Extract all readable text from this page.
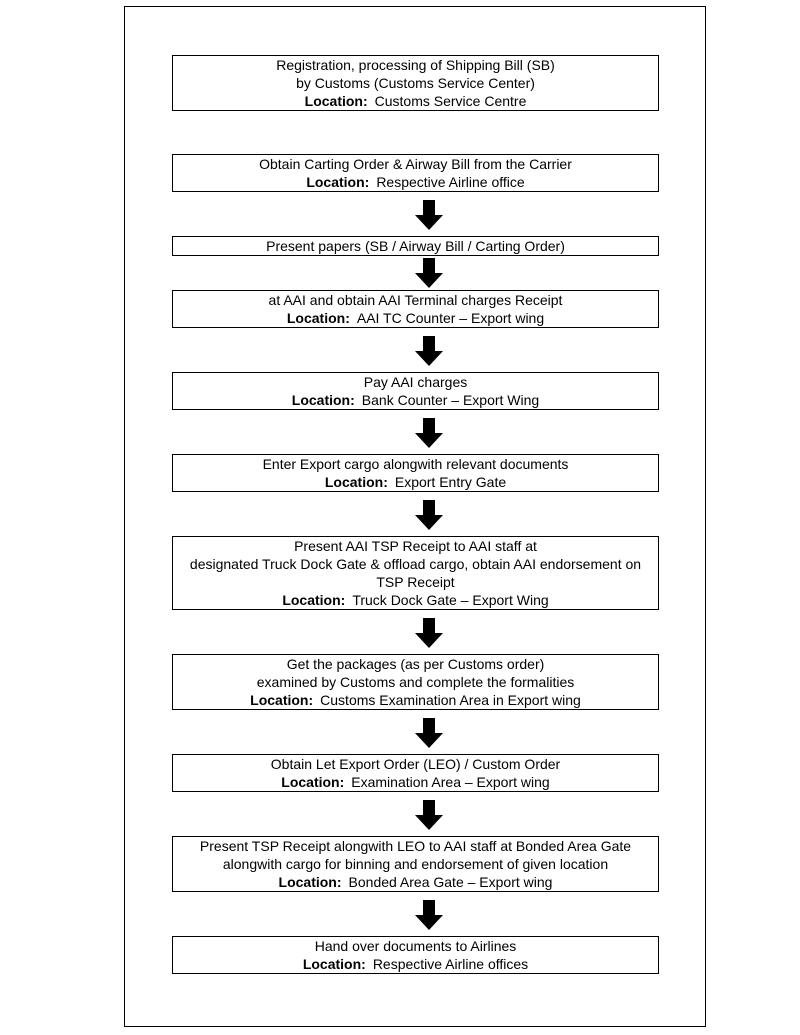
Registration, processing of Shipping Bill (SB)
by Customs (Customs Service Center)
Location: Customs Service Centre
Obtain Carting Order & Airway Bill from the Carrier
Location: Respective Airline office
Present papers (SB / Airway Bill / Carting Order)
at AAI and obtain AAI Terminal charges Receipt
Location: AAI TC Counter – Export wing
Pay AAI charges
Location: Bank Counter – Export Wing
Enter Export cargo alongwith relevant documents
Location: Export Entry Gate
Present AAI TSP Receipt to AAI staff at
designated Truck Dock Gate & offload cargo, obtain AAI endorsement on
TSP Receipt
Location: Truck Dock Gate – Export Wing
Get the packages (as per Customs order)
examined by Customs and complete the formalities
Location: Customs Examination Area in Export wing
Obtain Let Export Order (LEO) / Custom Order
Location: Examination Area – Export wing
Present TSP Receipt alongwith LEO to AAI staff at Bonded Area Gate
alongwith cargo for binning and endorsement of given location
Location: Bonded Area Gate – Export wing
Hand over documents to Airlines
Location: Respective Airline offices
